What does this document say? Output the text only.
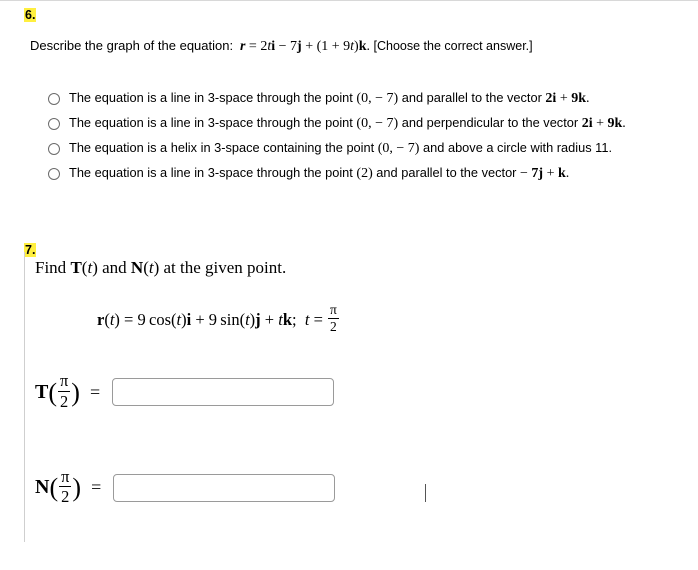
6.
Describe the graph of the equation: r = 2ti − 7j + (1 + 9t)k. [Choose the correct answer.]
The equation is a line in 3-space through the point (0, − 7) and parallel to the vector 2i + 9k.
The equation is a line in 3-space through the point (0, − 7) and perpendicular to the vector 2i + 9k.
The equation is a helix in 3-space containing the point (0, − 7) and above a circle with radius 11.
The equation is a line in 3-space through the point (2) and parallel to the vector − 7j + k.
7.
Find T(t) and N(t) at the given point.
r(t) = 9 cos(t)i + 9 sin(t)j + tk;  $t = \frac{\pi}{2}$
T ( $\frac{\pi}{2}$ ) =
N ( $\frac{\pi}{2}$ ) =
